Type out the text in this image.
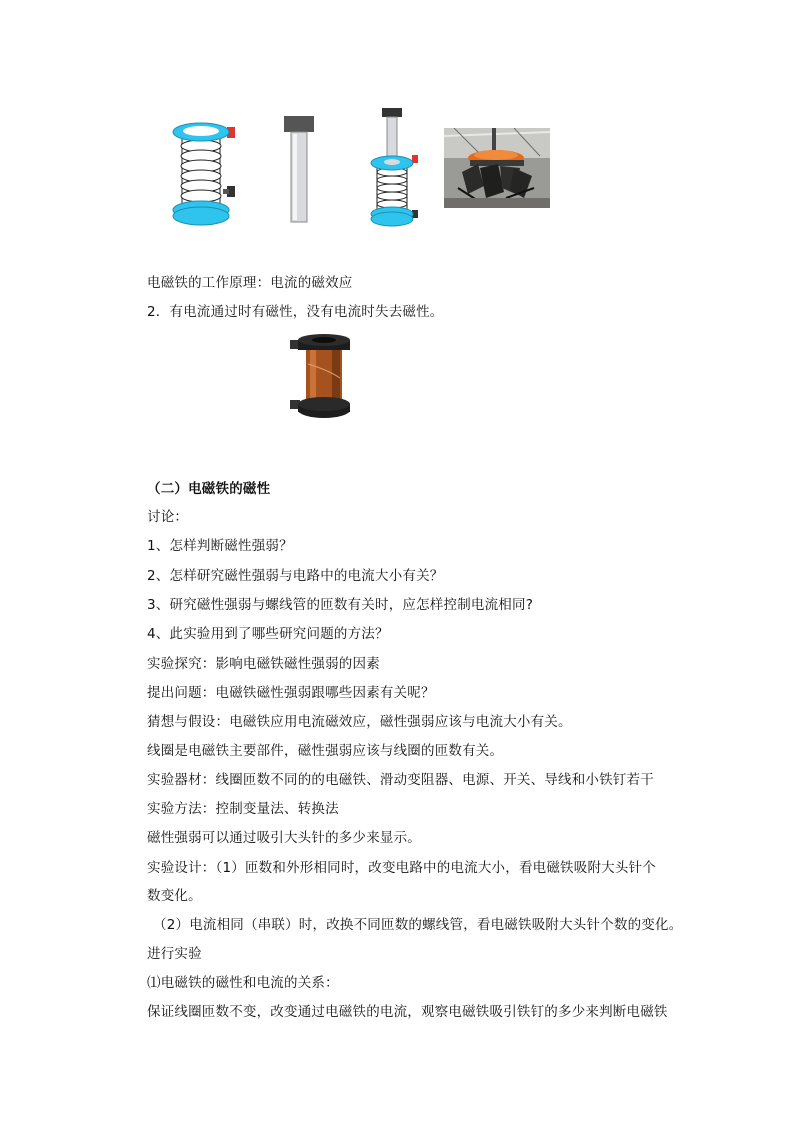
电磁铁的工作原理：电流的磁效应
2．有电流通过时有磁性，没有电流时失去磁性。
（二）电磁铁的磁性
讨论：
1、怎样判断磁性强弱？
2、怎样研究磁性强弱与电路中的电流大小有关？
3、研究磁性强弱与螺线管的匝数有关时，应怎样控制电流相同?
4、此实验用到了哪些研究问题的方法？
实验探究：影响电磁铁磁性强弱的因素
提出问题：电磁铁磁性强弱跟哪些因素有关呢？
猜想与假设：电磁铁应用电流磁效应，磁性强弱应该与电流大小有关。
线圈是电磁铁主要部件，磁性强弱应该与线圈的匝数有关。
实验器材：线圈匝数不同的的电磁铁、滑动变阻器、电源、开关、导线和小铁钉若干
实验方法：控制变量法、转换法
磁性强弱可以通过吸引大头针的多少来显示。
实验设计：（1）匝数和外形相同时，改变电路中的电流大小，看电磁铁吸附大头针个
数变化。
（2）电流相同（串联）时，改换不同匝数的螺线管，看电磁铁吸附大头针个数的变化。
进行实验
⑴电磁铁的磁性和电流的关系：
保证线圈匝数不变，改变通过电磁铁的电流，观察电磁铁吸引铁钉的多少来判断电磁铁
